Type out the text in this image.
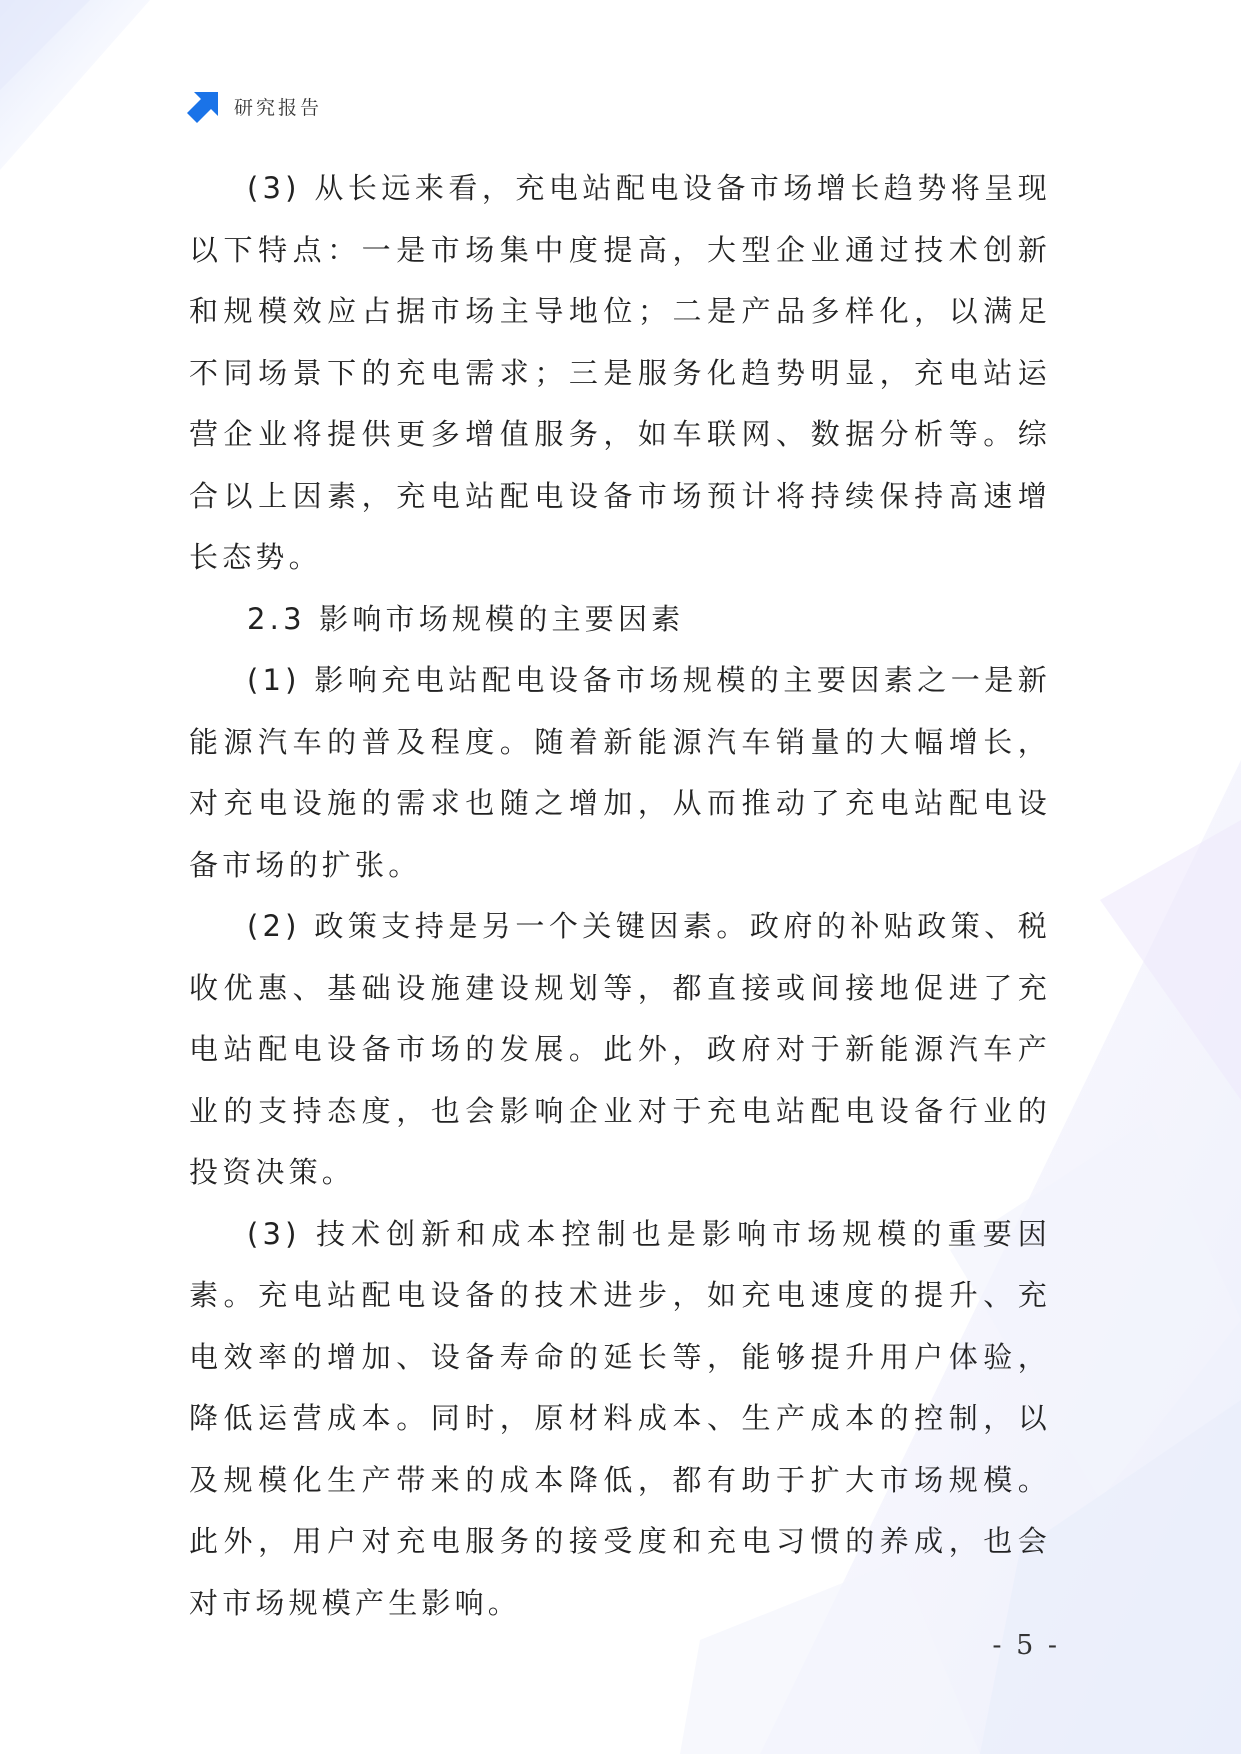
研究报告

(3) 从长远来看，充电站配电设备市场增长趋势将呈现以下特点：一是市场集中度提高，大型企业通过技术创新和规模效应占据市场主导地位；二是产品多样化，以满足不同场景下的充电需求；三是服务化趋势明显，充电站运营企业将提供更多增值服务，如车联网、数据分析等。综合以上因素，充电站配电设备市场预计将持续保持高速增长态势。

2.3 影响市场规模的主要因素

(1) 影响充电站配电设备市场规模的主要因素之一是新能源汽车的普及程度。随着新能源汽车销量的大幅增长，对充电设施的需求也随之增加，从而推动了充电站配电设备市场的扩张。

(2) 政策支持是另一个关键因素。政府的补贴政策、税收优惠、基础设施建设规划等，都直接或间接地促进了充电站配电设备市场的发展。此外，政府对于新能源汽车产业的支持态度，也会影响企业对于充电站配电设备行业的投资决策。

(3) 技术创新和成本控制也是影响市场规模的重要因素。充电站配电设备的技术进步，如充电速度的提升、充电效率的增加、设备寿命的延长等，能够提升用户体验，降低运营成本。同时，原材料成本、生产成本的控制，以及规模化生产带来的成本降低，都有助于扩大市场规模。此外，用户对充电服务的接受度和充电习惯的养成，也会对市场规模产生影响。

- 5 -
